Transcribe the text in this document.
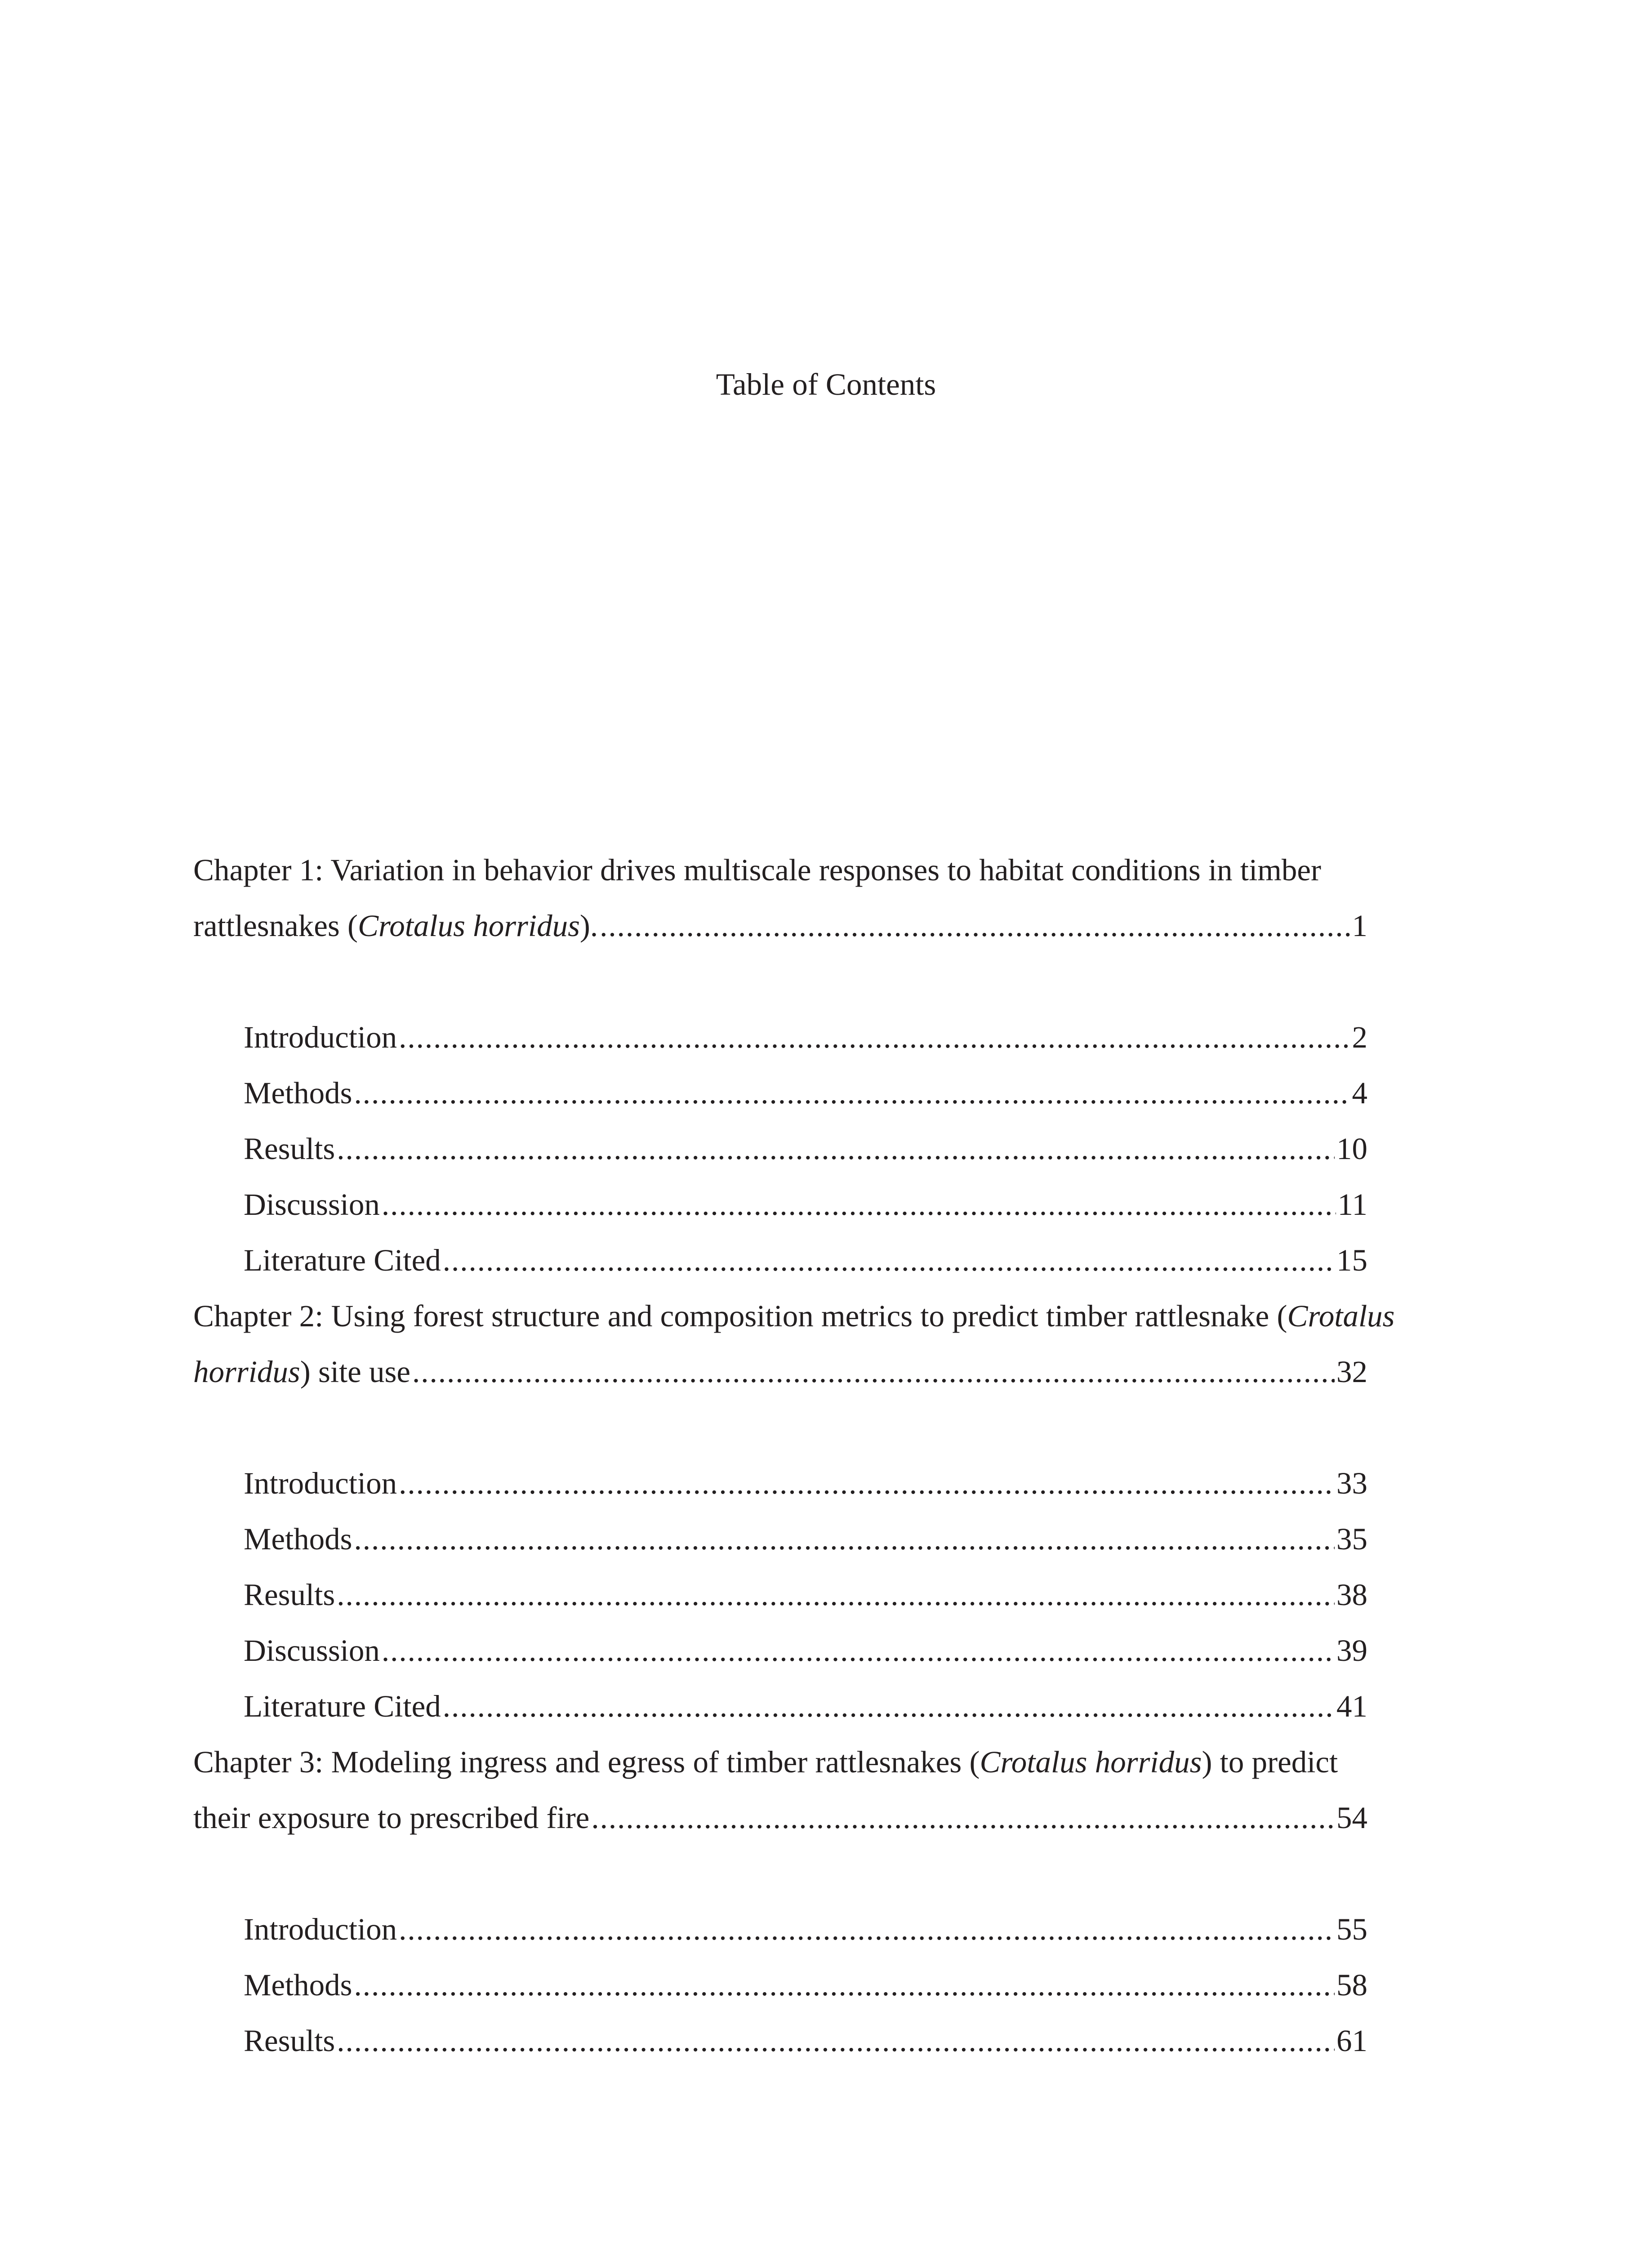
Table of Contents
Chapter 1: Variation in behavior drives multiscale responses to habitat conditions in timber
rattlesnakes (Crotalus horridus). .....	1
Introduction .....	2
Methods .....	4
Results .....	10
Discussion .....	11
Literature Cited .....	15
Chapter 2: Using forest structure and composition metrics to predict timber rattlesnake (Crotalus
horridus) site use .....	32
Introduction .....	33
Methods .....	35
Results .....	38
Discussion .....	39
Literature Cited .....	41
Chapter 3: Modeling ingress and egress of timber rattlesnakes (Crotalus horridus) to predict
their exposure to prescribed fire .....	54
Introduction .....	55
Methods .....	58
Results .....	61
